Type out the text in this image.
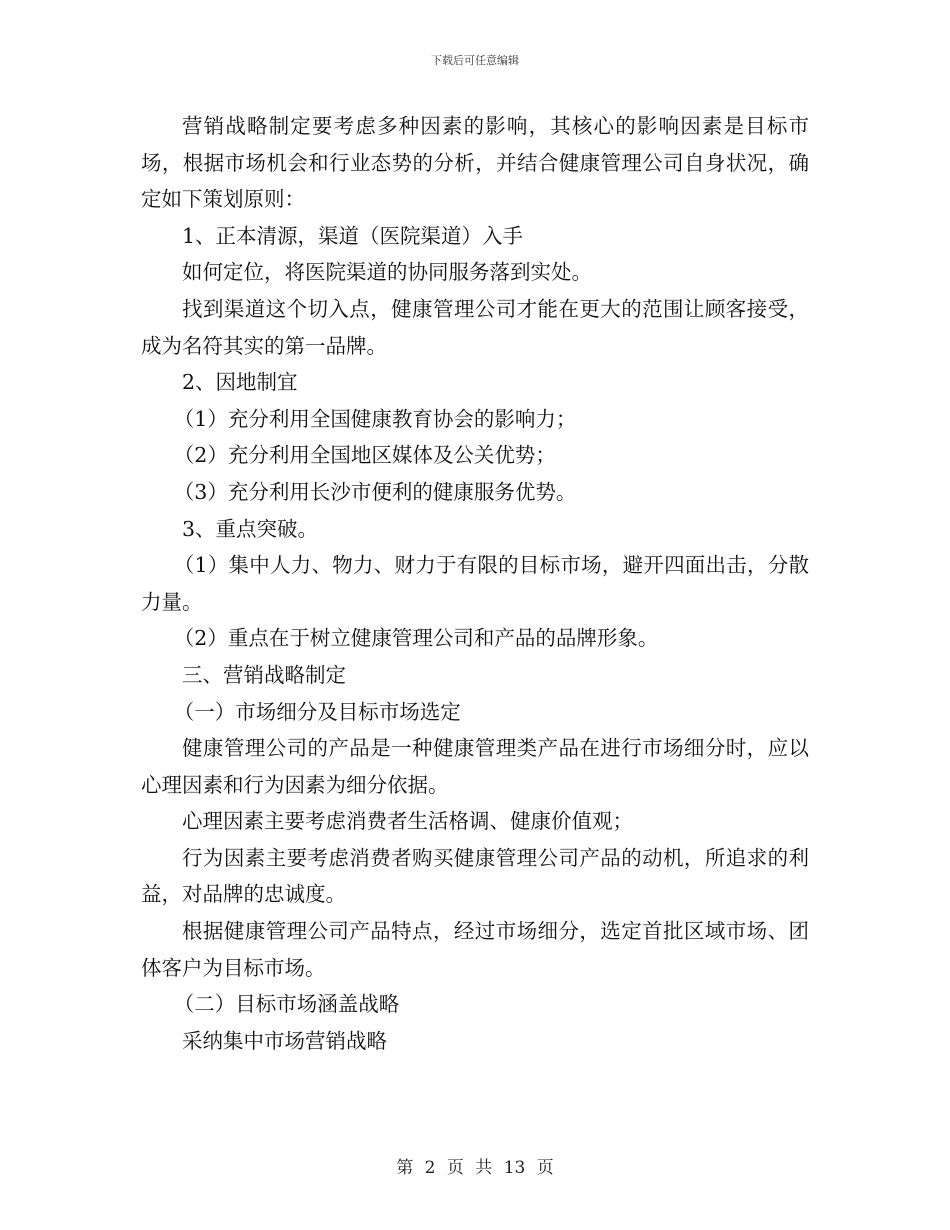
下载后可任意编辑

营销战略制定要考虑多种因素的影响，其核心的影响因素是目标市场，根据市场机会和行业态势的分析，并结合健康管理公司自身状况，确定如下策划原则：

1、正本清源，渠道（医院渠道）入手

如何定位，将医院渠道的协同服务落到实处。

找到渠道这个切入点，健康管理公司才能在更大的范围让顾客接受，成为名符其实的第一品牌。

2、因地制宜

（1）充分利用全国健康教育协会的影响力；

（2）充分利用全国地区媒体及公关优势；

（3）充分利用长沙市便利的健康服务优势。

3、重点突破。

（1）集中人力、物力、财力于有限的目标市场，避开四面出击，分散力量。

（2）重点在于树立健康管理公司和产品的品牌形象。

三、营销战略制定

（一）市场细分及目标市场选定

健康管理公司的产品是一种健康管理类产品在进行市场细分时，应以心理因素和行为因素为细分依据。

心理因素主要考虑消费者生活格调、健康价值观；

行为因素主要考虑消费者购买健康管理公司产品的动机，所追求的利益，对品牌的忠诚度。

根据健康管理公司产品特点，经过市场细分，选定首批区域市场、团体客户为目标市场。

（二）目标市场涵盖战略

采纳集中市场营销战略

第 2 页 共 13 页
